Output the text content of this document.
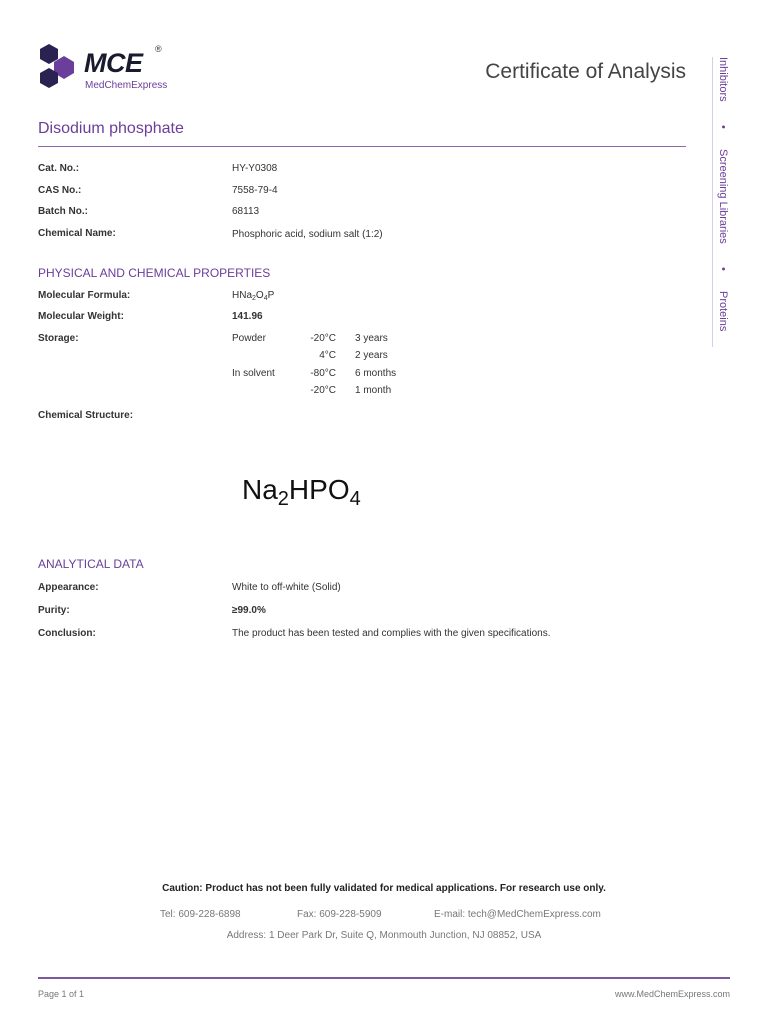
MCE ®
MedChemExpress
Certificate of Analysis	Inhibitors
•
Screening Libraries
•
Proteins
Disodium phosphate
Cat. No.:	HY-Y0308
CAS No.:	7558-79-4
Batch No.:	68113
Chemical Name:	Phosphoric acid, sodium salt (1:2)
PHYSICAL AND CHEMICAL PROPERTIES
Molecular Formula:	$HNa_2O_4P$
Molecular Weight:	141.96
Storage:	Powder	-20°C 3 years
4°C 2 years
In solvent	-80°C 6 months
-20°C 1 month
Chemical Structure:
$Na_2HPO_4$
ANALYTICAL DATA
Appearance:	White to off-white (Solid)
Purity:	≥99.0%
Conclusion:	The product has been tested and complies with the given specifications.
Caution: Product has not been fully validated for medical applications. For research use only.
Tel: 609-228-6898	Fax: 609-228-5909	E-mail: tech@MedChemExpress.com
Address: 1 Deer Park Dr, Suite Q, Monmouth Junction, NJ 08852, USA
Page 1 of 1	www.MedChemExpress.com
